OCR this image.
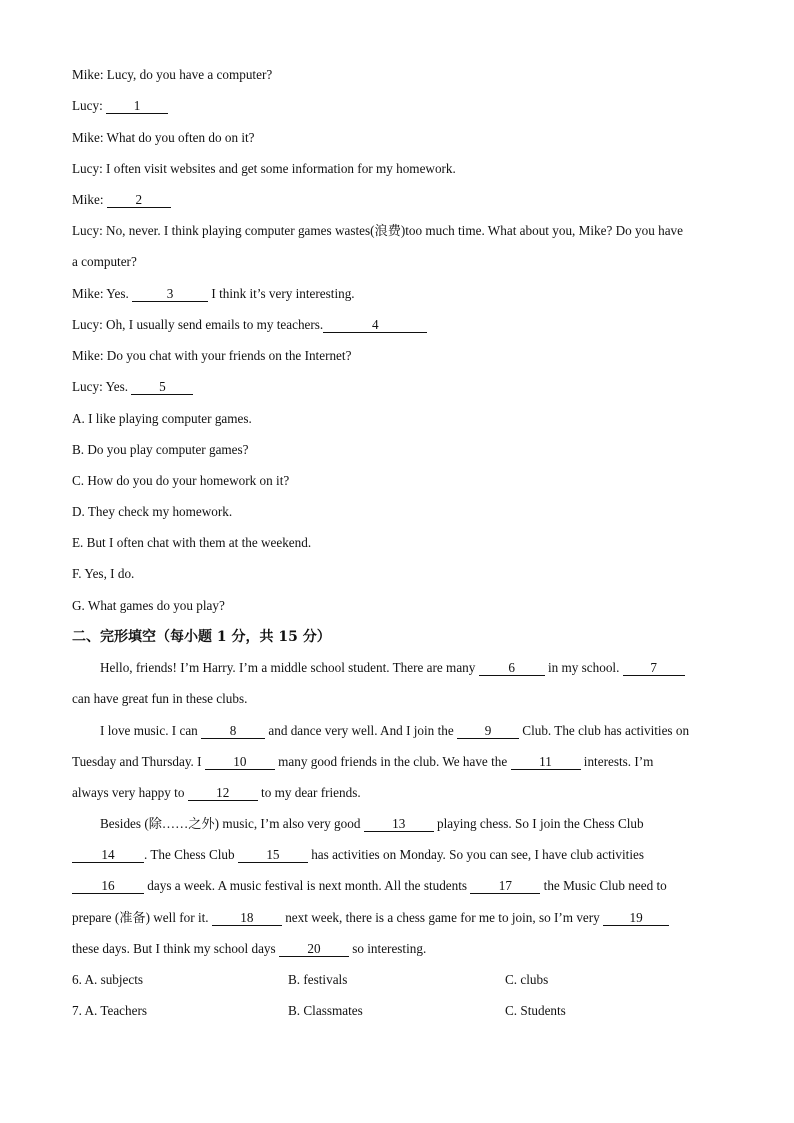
Mike: Lucy, do you have a computer?
Lucy: 1
Mike: What do you often do on it?
Lucy: I often visit websites and get some information for my homework.
Mike: 2
Lucy: No, never. I think playing computer games wastes(浪费)too much time. What about you, Mike? Do you have
a computer?
Mike: Yes.	3	I think it’s very interesting.
Lucy: Oh, I usually send emails to my teachers.	4
Mike: Do you chat with your friends on the Internet?
Lucy: Yes. 5
A. I like playing computer games.
B. Do you play computer games?
C. How do you do your homework on it?
D. They check my homework.
E. But I often chat with them at the weekend.
F. Yes, I do.
G. What games do you play?
二、完形填空（每小题 1 分，共 15 分）
Hello, friends! I’m Harry. I’m a middle school student. There are many 6 in my school. 7
can have great fun in these clubs.
I love music. I can 8 and dance very well. And I join the 9 Club. The club has activities on
Tuesday and Thursday. I 10 many good friends in the club. We have the 11 interests. I’m
always very happy to 12 to my dear friends.
Besides (除……之外) music, I’m also very good 13 playing chess. So I join the Chess Club
14 . The Chess Club 15 has activities on Monday. So you can see, I have club activities
16 days a week. A music festival is next month. All the students 17 the Music Club need to
prepare (准备) well for it. 18 next week, there is a chess game for me to join, so I’m very 19
these days. But I think my school days 20 so interesting.
6. A. subjects	B. festivals	C. clubs
7. A. Teachers	B. Classmates	C. Students
